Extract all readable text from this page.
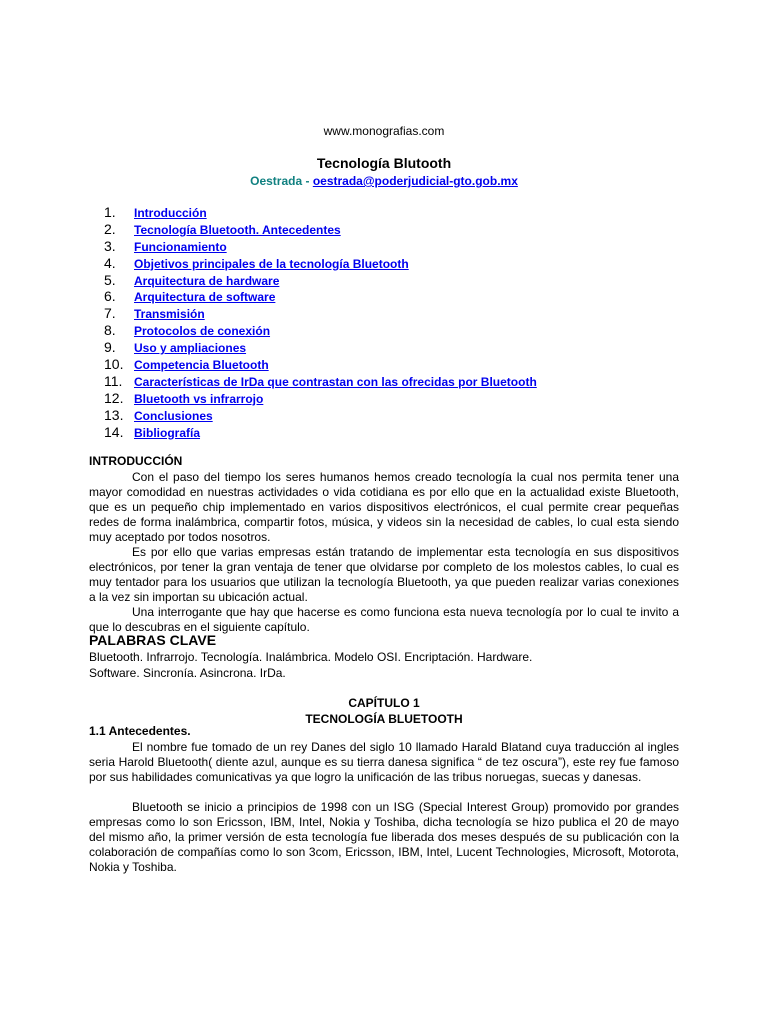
www.monografias.com
Tecnología Blutooth
Oestrada - oestrada@poderjudicial-gto.gob.mx
1. Introducción
2. Tecnología Bluetooth. Antecedentes
3. Funcionamiento
4. Objetivos principales de la tecnología Bluetooth
5. Arquitectura de hardware
6. Arquitectura de software
7. Transmisión
8. Protocolos de conexión
9. Uso y ampliaciones
10. Competencia Bluetooth
11. Características de IrDa que contrastan con las ofrecidas por Bluetooth
12. Bluetooth vs infrarrojo
13. Conclusiones
14. Bibliografía
INTRODUCCIÓN
Con el paso del tiempo los seres humanos hemos creado tecnología la cual nos permita tener una mayor comodidad en nuestras actividades o vida cotidiana es por ello que en la actualidad existe Bluetooth, que es un pequeño chip implementado en varios dispositivos electrónicos, el cual permite crear pequeñas redes de forma inalámbrica, compartir fotos, música, y videos sin la necesidad de cables, lo cual esta siendo muy aceptado por todos nosotros.
Es por ello que varias empresas están tratando de implementar esta tecnología en sus dispositivos electrónicos, por tener la gran ventaja de tener que olvidarse por completo de los molestos cables, lo cual es muy tentador para los usuarios que utilizan la tecnología Bluetooth, ya que pueden realizar varias conexiones a la vez sin importan su ubicación actual.
Una interrogante que hay que hacerse es como funciona esta nueva tecnología por lo cual te invito a que lo descubras en el siguiente capítulo.
PALABRAS CLAVE
Bluetooth. Infrarrojo. Tecnología. Inalámbrica. Modelo OSI. Encriptación. Hardware.
Software. Sincronía. Asincrona. IrDa.
CAPÍTULO 1
TECNOLOGÍA BLUETOOTH
1.1 Antecedentes.
El nombre fue tomado de un rey Danes del siglo 10 llamado Harald Blatand cuya traducción al ingles seria Harold Bluetooth( diente azul, aunque es su tierra danesa significa “ de tez oscura”), este rey fue famoso por sus habilidades comunicativas ya que logro la unificación de las tribus noruegas, suecas y danesas.
Bluetooth se inicio a principios de 1998 con un ISG (Special Interest Group) promovido por grandes empresas como lo son Ericsson, IBM, Intel, Nokia y Toshiba, dicha tecnología se hizo publica el 20 de mayo del mismo año, la primer versión de esta tecnología fue liberada dos meses después de su publicación con la colaboración de compañías como lo son 3com, Ericsson, IBM, Intel, Lucent Technologies, Microsoft, Motorota, Nokia y Toshiba.
